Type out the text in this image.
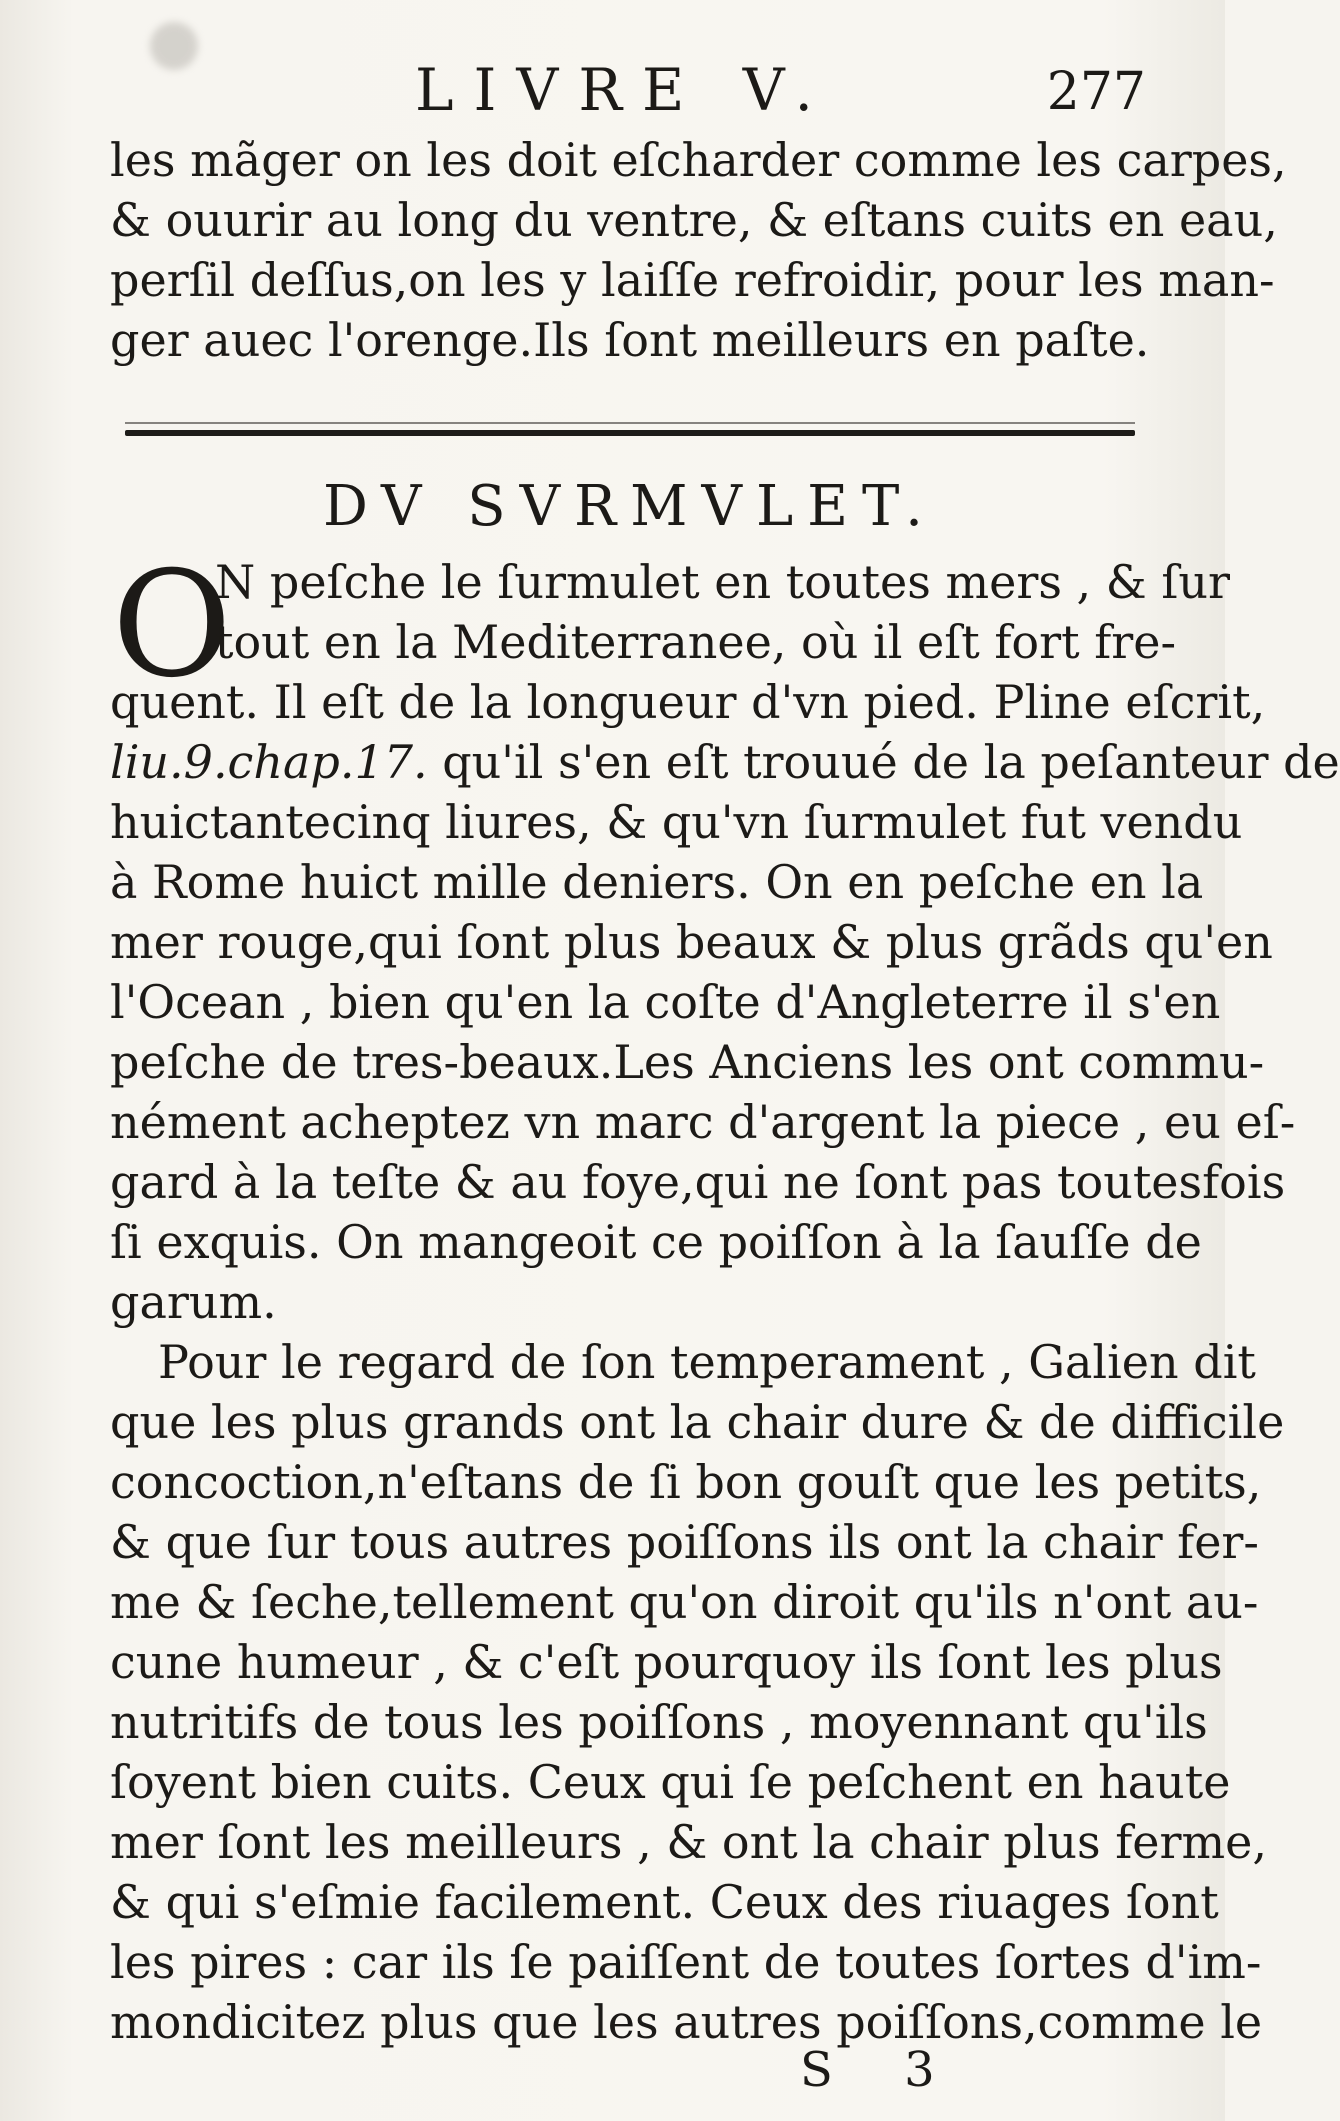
LIVRE V.	277
les mãger on les doit eſcharder comme les carpes,
& ouurir au long du ventre, & eſtans cuits en eau,
perſil deſſus,on les y laiſſe refroidir, pour les man-
ger auec l'orenge.Ils ſont meilleurs en paſte.
DV SVRMVLET.
O
N peſche le ſurmulet en toutes mers , & ſur
tout en la Mediterranee, où il eſt fort fre-
quent. Il eſt de la longueur d'vn pied. Pline eſcrit,
liu.9.chap.17. qu'il s'en eſt trouué de la peſanteur de
huictantecinq liures, & qu'vn ſurmulet fut vendu
à Rome huict mille deniers. On en peſche en la
mer rouge,qui ſont plus beaux & plus grãds qu'en
l'Ocean , bien qu'en la coſte d'Angleterre il s'en
peſche de tres-beaux.Les Anciens les ont commu-
nément acheptez vn marc d'argent la piece , eu eſ-
gard à la teſte & au foye,qui ne ſont pas toutesfois
ſi exquis. On mangeoit ce poiſſon à la ſauſſe de
garum.
Pour le regard de ſon temperament , Galien dit
que les plus grands ont la chair dure & de difficile
concoction,n'eſtans de ſi bon gouſt que les petits,
& que ſur tous autres poiſſons ils ont la chair fer-
me & ſeche,tellement qu'on diroit qu'ils n'ont au-
cune humeur , & c'eſt pourquoy ils ſont les plus
nutritifs de tous les poiſſons , moyennant qu'ils
ſoyent bien cuits. Ceux qui ſe peſchent en haute
mer ſont les meilleurs , & ont la chair plus ferme,
& qui s'eſmie facilement. Ceux des riuages ſont
les pires : car ils ſe paiſſent de toutes ſortes d'im-
mondicitez plus que les autres poiſſons,comme le
S 3
